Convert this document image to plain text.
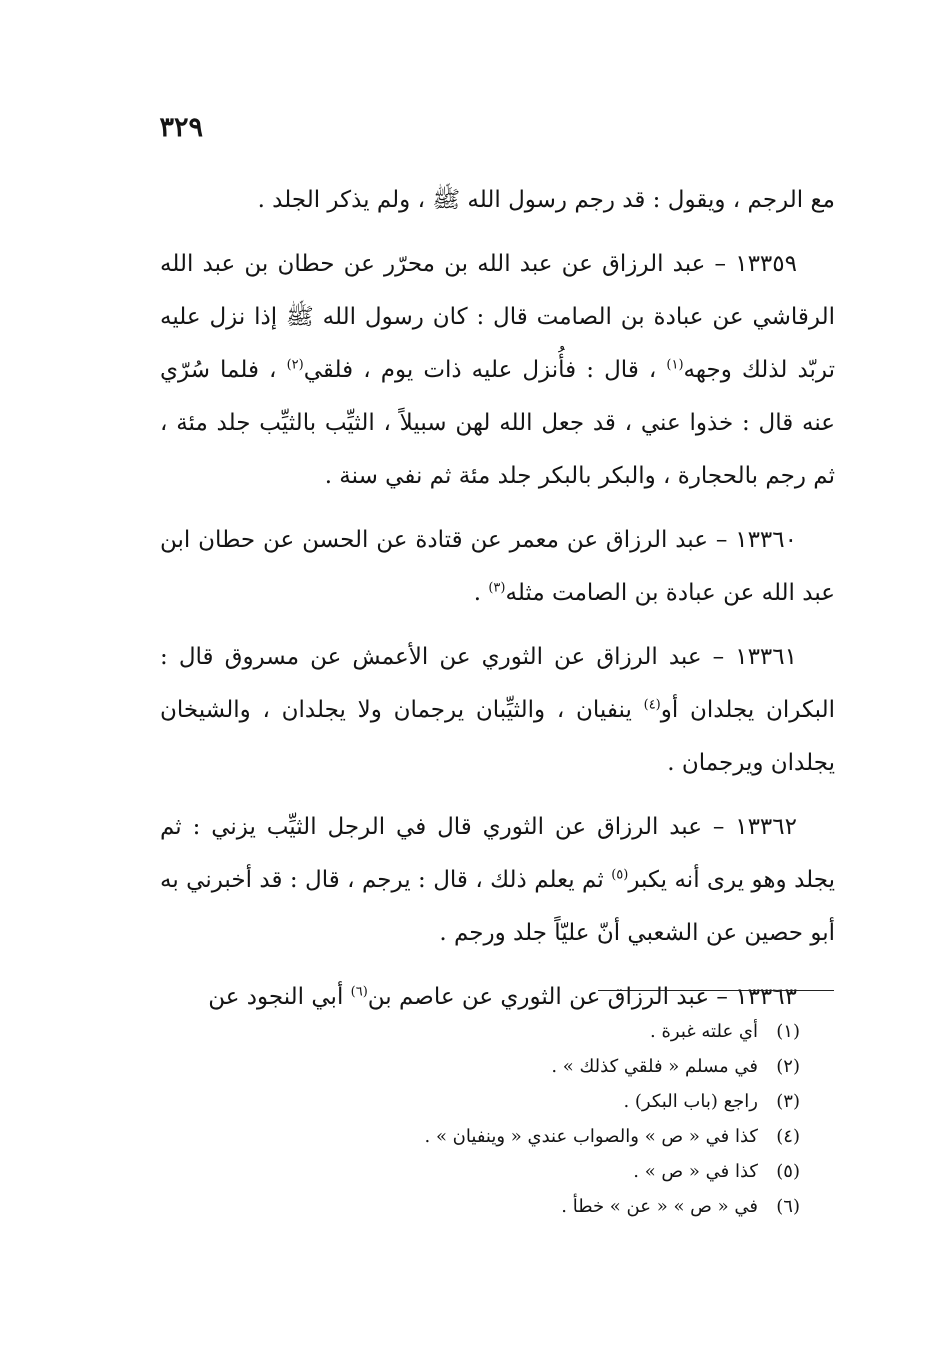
٣٢٩

مع الرجم ، ويقول : قد رجم رسول الله ﷺ ، ولم يذكر الجلد .

١٣٣٥٩ – عبد الرزاق عن عبد الله بن محرّر عن حطان بن عبد الله الرقاشي عن عبادة بن الصامت قال : كان رسول الله ﷺ إذا نزل عليه تربّد لذلك وجهه$^{(١)}$ ، قال : فأُنزل عليه ذات يوم ، فلقي$^{(٢)}$ ، فلما سُرّي عنه قال : خذوا عني ، قد جعل الله لهن سبيلاً ، الثيِّب بالثيِّب جلد مئة ، ثم رجم بالحجارة ، والبكر بالبكر جلد مئة ثم نفي سنة .

١٣٣٦٠ – عبد الرزاق عن معمر عن قتادة عن الحسن عن حطان ابن عبد الله عن عبادة بن الصامت مثله$^{(٣)}$ .

١٣٣٦١ – عبد الرزاق عن الثوري عن الأعمش عن مسروق قال : البكران يجلدان أو$^{(٤)}$ ينفيان ، والثيِّبان يرجمان ولا يجلدان ، والشيخان يجلدان ويرجمان .

١٣٣٦٢ – عبد الرزاق عن الثوري قال في الرجل الثيِّب يزني : ثم يجلد وهو يرى أنه يكبر$^{(٥)}$ ثم يعلم ذلك ، قال : يرجم ، قال : قد أخبرني به أبو حصين عن الشعبي أنّ عليّاً جلد ورجم .

١٣٣٦٣ – عبد الرزاق عن الثوري عن عاصم بن$^{(٦)}$ أبي النجود عن

(١)أي علته غبرة .
(٢)في مسلم « فلقي كذلك » .
(٣)راجع (باب البكر) .
(٤)كذا في « ص » والصواب عندي « وينفيان » .
(٥)كذا في « ص » .
(٦)في « ص » « عن » خطأ .
